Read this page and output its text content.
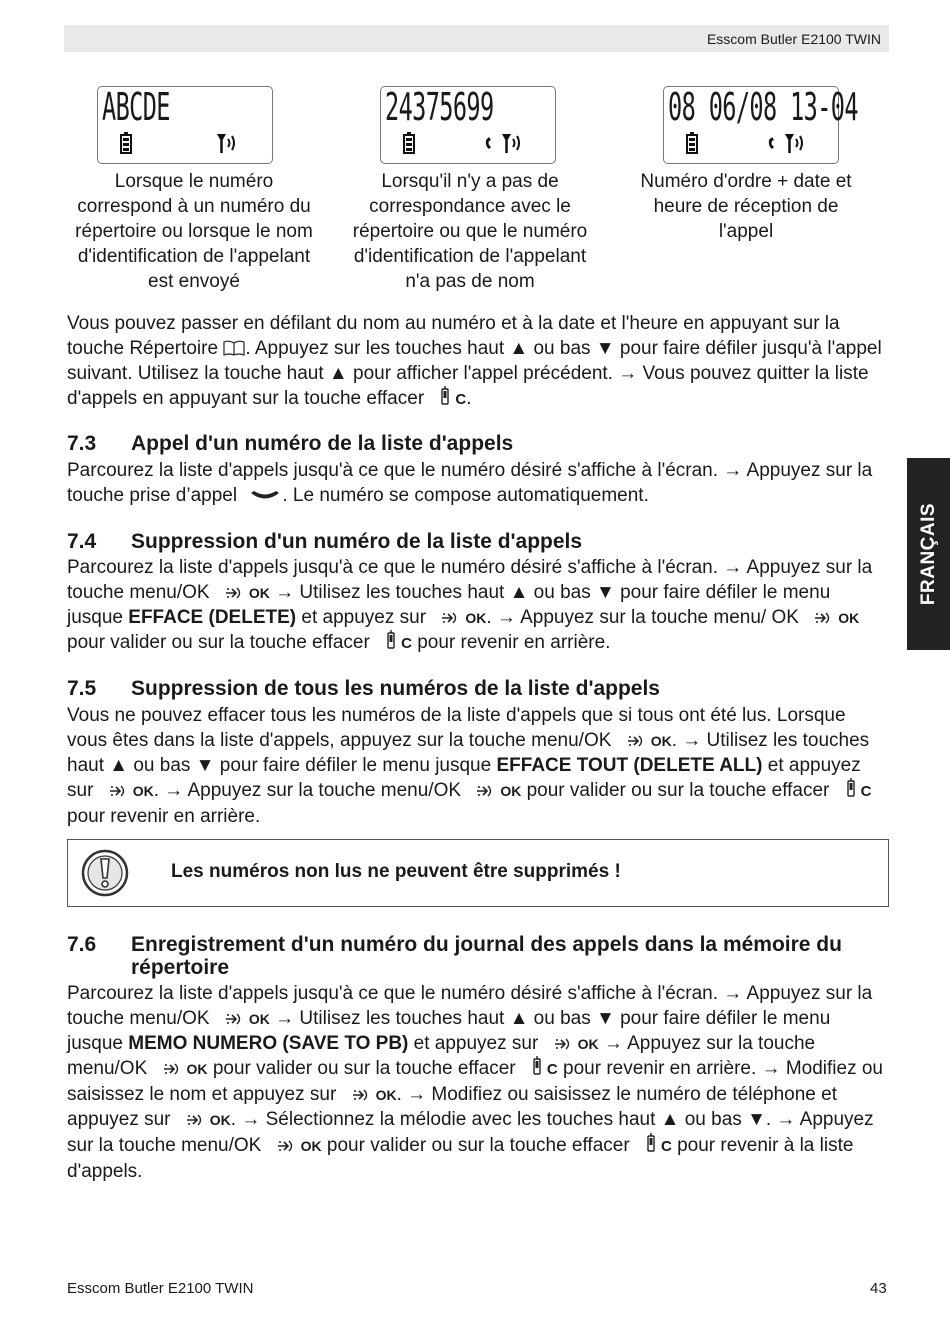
Esscom Butler E2100 TWIN
FRANÇAIS
ABCDE	24375699	08 06/08 13-04
Lorsque le numéro correspond à un numéro du répertoire ou lorsque le nom d'identification de l'appelant est envoyé
Lorsqu'il n'y a pas de correspondance avec le répertoire ou que le numéro d'identification de l'appelant n'a pas de nom
Numéro d'ordre + date et heure de réception de l'appel

Vous pouvez passer en défilant du nom au numéro et à la date et l'heure en appuyant sur la touche Répertoire . Appuyez sur les touches haut ▲ ou bas ▼ pour faire défiler jusqu'à l'appel suivant. Utilisez la touche haut ▲ pour afficher l'appel précédent. → Vous pouvez quitter la liste d'appels en appuyant sur la touche effacer C.

7.3 Appel d'un numéro de la liste d'appels

Parcourez la liste d'appels jusqu'à ce que le numéro désiré s'affiche à l'écran. → Appuyez sur la touche prise d’appel . Le numéro se compose automatiquement.

7.4 Suppression d'un numéro de la liste d'appels

Parcourez la liste d'appels jusqu'à ce que le numéro désiré s'affiche à l'écran. → Appuyez sur la touche menu/OK	OK → Utilisez les touches haut ▲ ou bas ▼ pour faire défiler le menu jusque EFFACE (DELETE) et appuyez sur	OK. → Appuyez sur la touche menu/ OK	OK pour valider ou sur la touche effacer C pour revenir en arrière.

7.5 Suppression de tous les numéros de la liste d'appels

Vous ne pouvez effacer tous les numéros de la liste d'appels que si tous ont été lus. Lorsque vous êtes dans la liste d'appels, appuyez sur la touche menu/OK	OK. → Utilisez les touches haut ▲ ou bas ▼ pour faire défiler le menu jusque EFFACE TOUT (DELETE ALL) et appuyez sur	OK. → Appuyez sur la touche menu/OK	OK pour valider ou sur la touche effacer C pour revenir en arrière.

Les numéros non lus ne peuvent être supprimés !
7.6 Enregistrement d'un numéro du journal des appels dans la mémoire du répertoire

Parcourez la liste d'appels jusqu'à ce que le numéro désiré s'affiche à l'écran. → Appuyez sur la touche menu/OK	OK → Utilisez les touches haut ▲ ou bas ▼ pour faire défiler le menu jusque MEMO NUMERO (SAVE TO PB) et appuyez sur	OK → Appuyez sur la touche menu/OK	OK pour valider ou sur la touche effacer C pour revenir en arrière. → Modifiez ou saisissez le nom et appuyez sur	OK. → Modifiez ou saisissez le numéro de téléphone et appuyez sur	OK. → Sélectionnez la mélodie avec les touches haut ▲ ou bas ▼. → Appuyez sur la touche menu/OK	OK pour valider ou sur la touche effacer C pour revenir à la liste d'appels.

Esscom Butler E2100 TWIN	43
